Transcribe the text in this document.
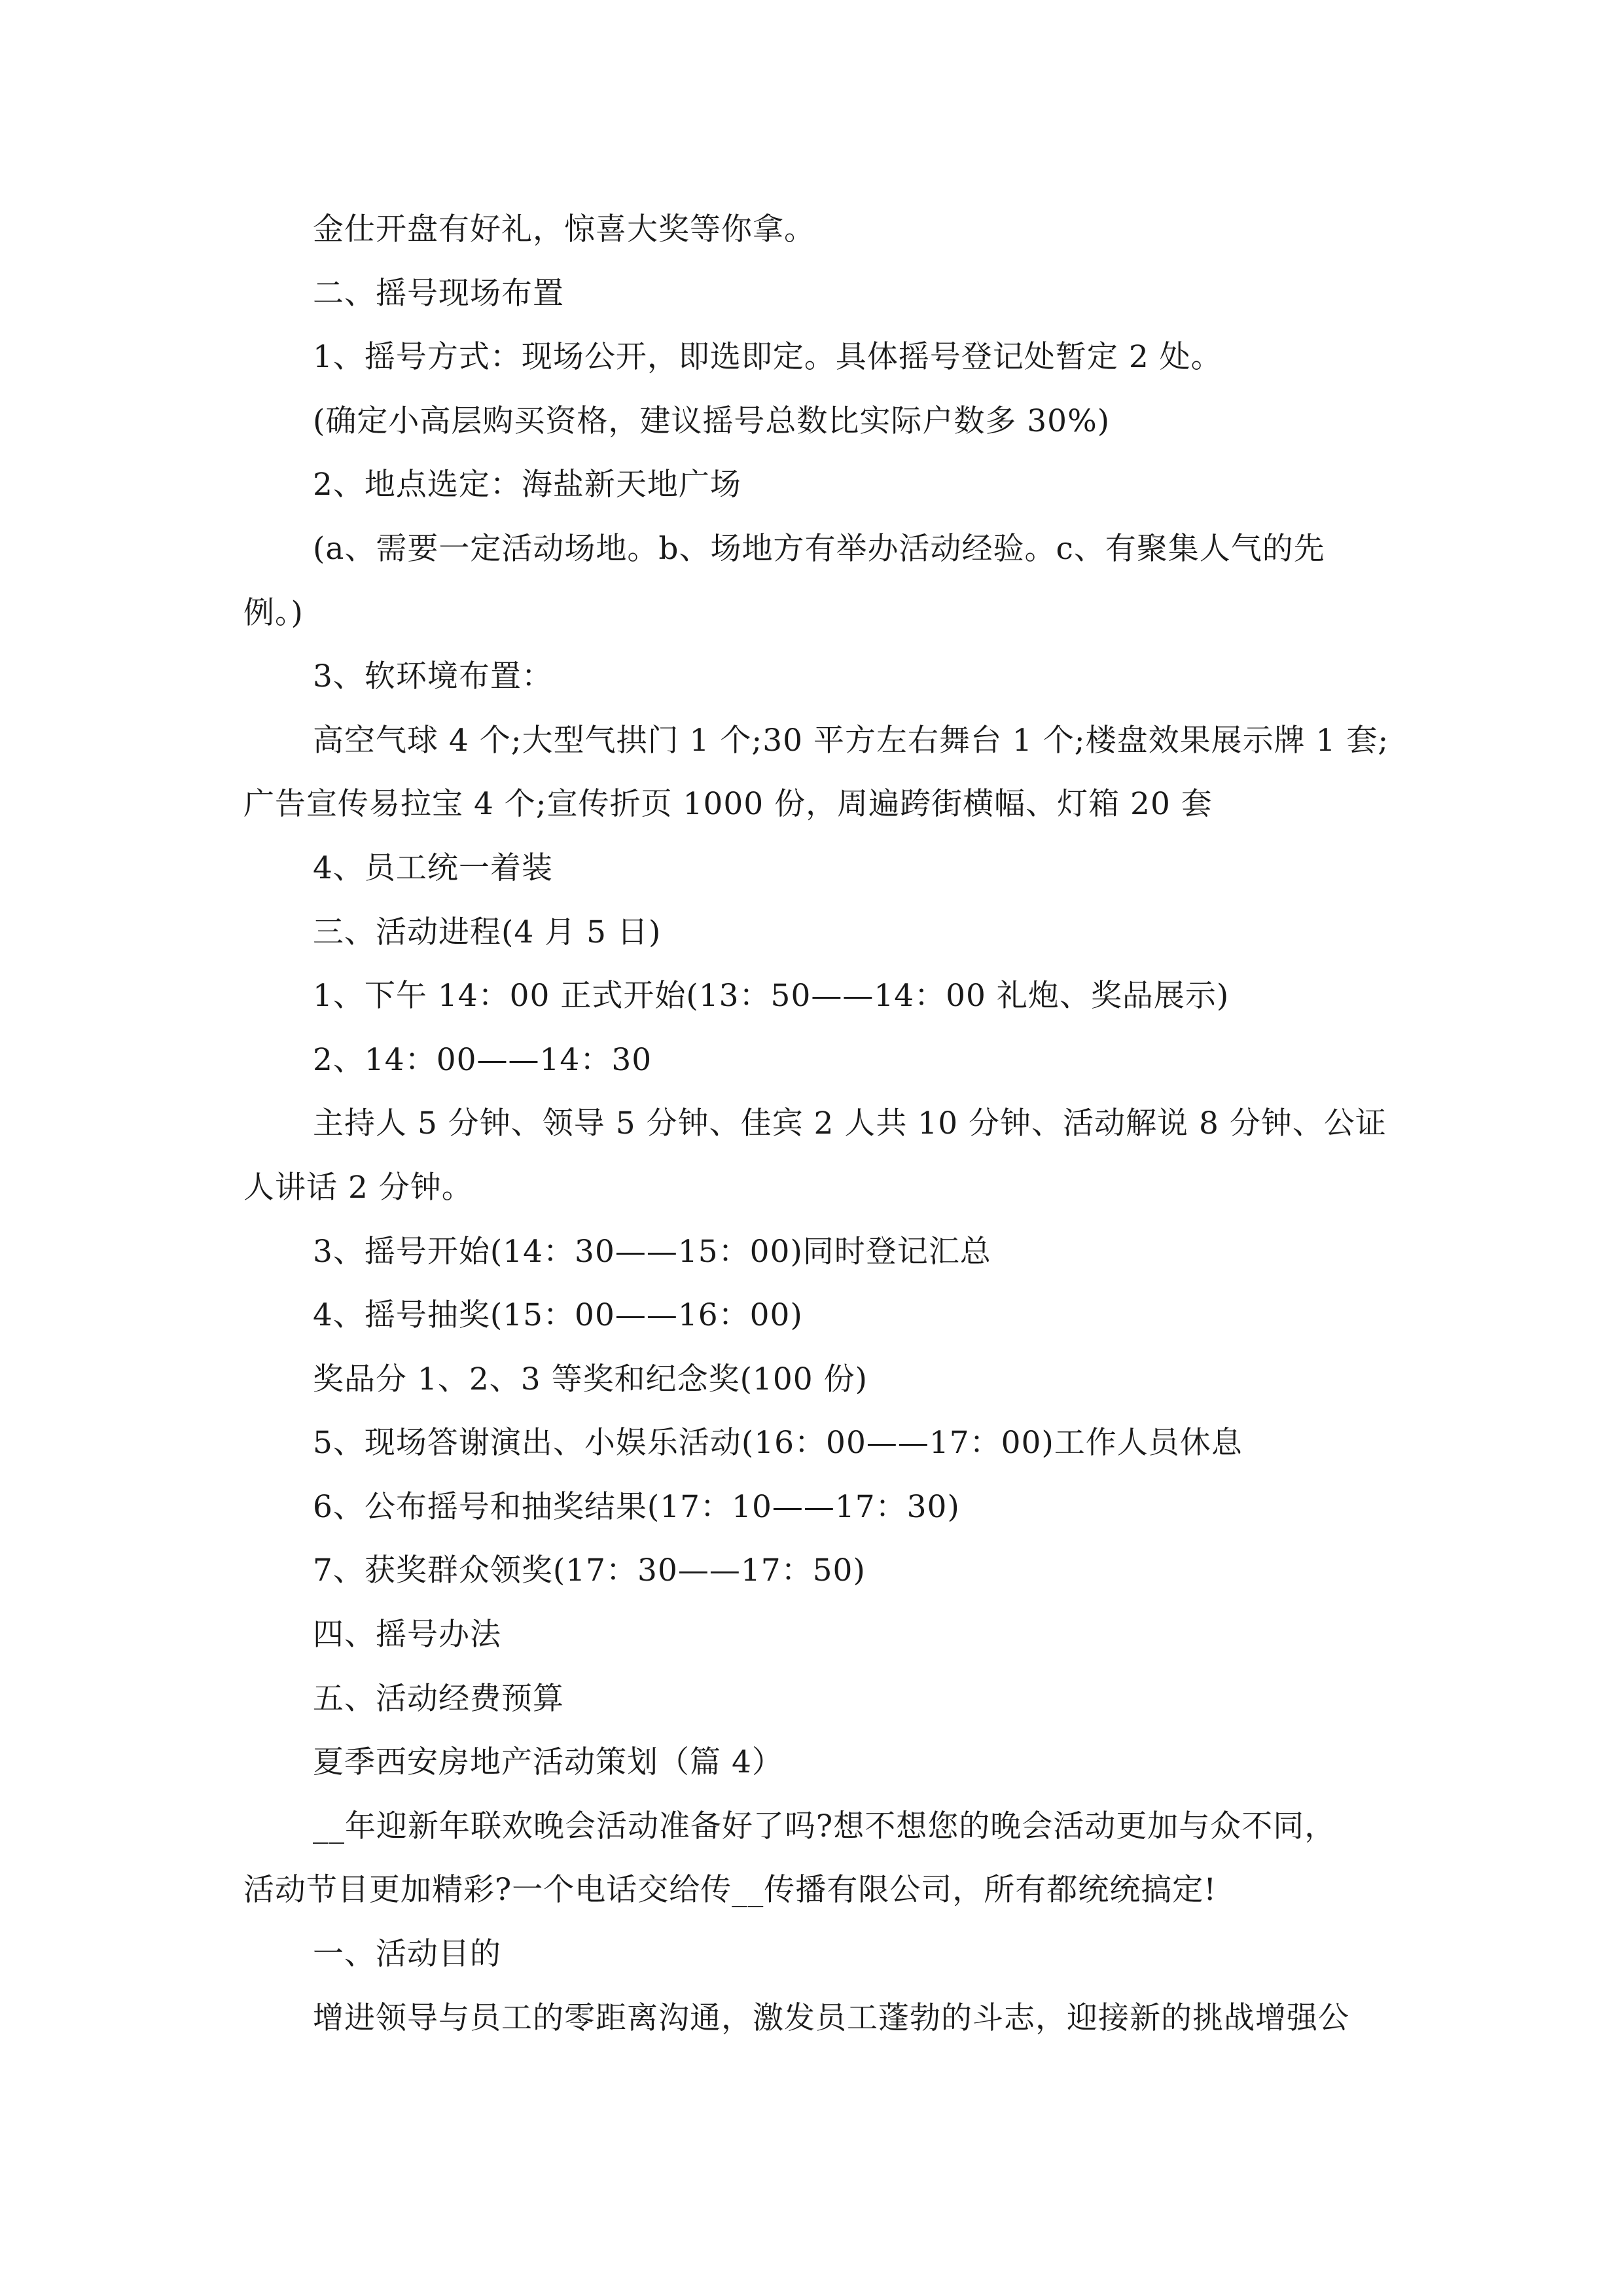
金仕开盘有好礼，惊喜大奖等你拿。
二、摇号现场布置
1、摇号方式：现场公开，即选即定。具体摇号登记处暂定 2 处。
(确定小高层购买资格，建议摇号总数比实际户数多 30%)
2、地点选定：海盐新天地广场
(a、需要一定活动场地。b、场地方有举办活动经验。c、有聚集人气的先
例。)
3、软环境布置：
高空气球 4 个;大型气拱门 1 个;30 平方左右舞台 1 个;楼盘效果展示牌 1 套;
广告宣传易拉宝 4 个;宣传折页 1000 份，周遍跨街横幅、灯箱 20 套
4、员工统一着装
三、活动进程(4 月 5 日)
1、下午 14：00 正式开始(13：50——14：00 礼炮、奖品展示)
2、14：00——14：30
主持人 5 分钟、领导 5 分钟、佳宾 2 人共 10 分钟、活动解说 8 分钟、公证
人讲话 2 分钟。
3、摇号开始(14：30——15：00)同时登记汇总
4、摇号抽奖(15：00——16：00)
奖品分 1、2、3 等奖和纪念奖(100 份)
5、现场答谢演出、小娱乐活动(16：00——17：00)工作人员休息
6、公布摇号和抽奖结果(17：10——17：30)
7、获奖群众领奖(17：30——17：50)
四、摇号办法
五、活动经费预算
夏季西安房地产活动策划（篇 4）
__年迎新年联欢晚会活动准备好了吗?想不想您的晚会活动更加与众不同，
活动节目更加精彩?一个电话交给传__传播有限公司，所有都统统搞定!
一、活动目的
增进领导与员工的零距离沟通，激发员工蓬勃的斗志，迎接新的挑战增强公
